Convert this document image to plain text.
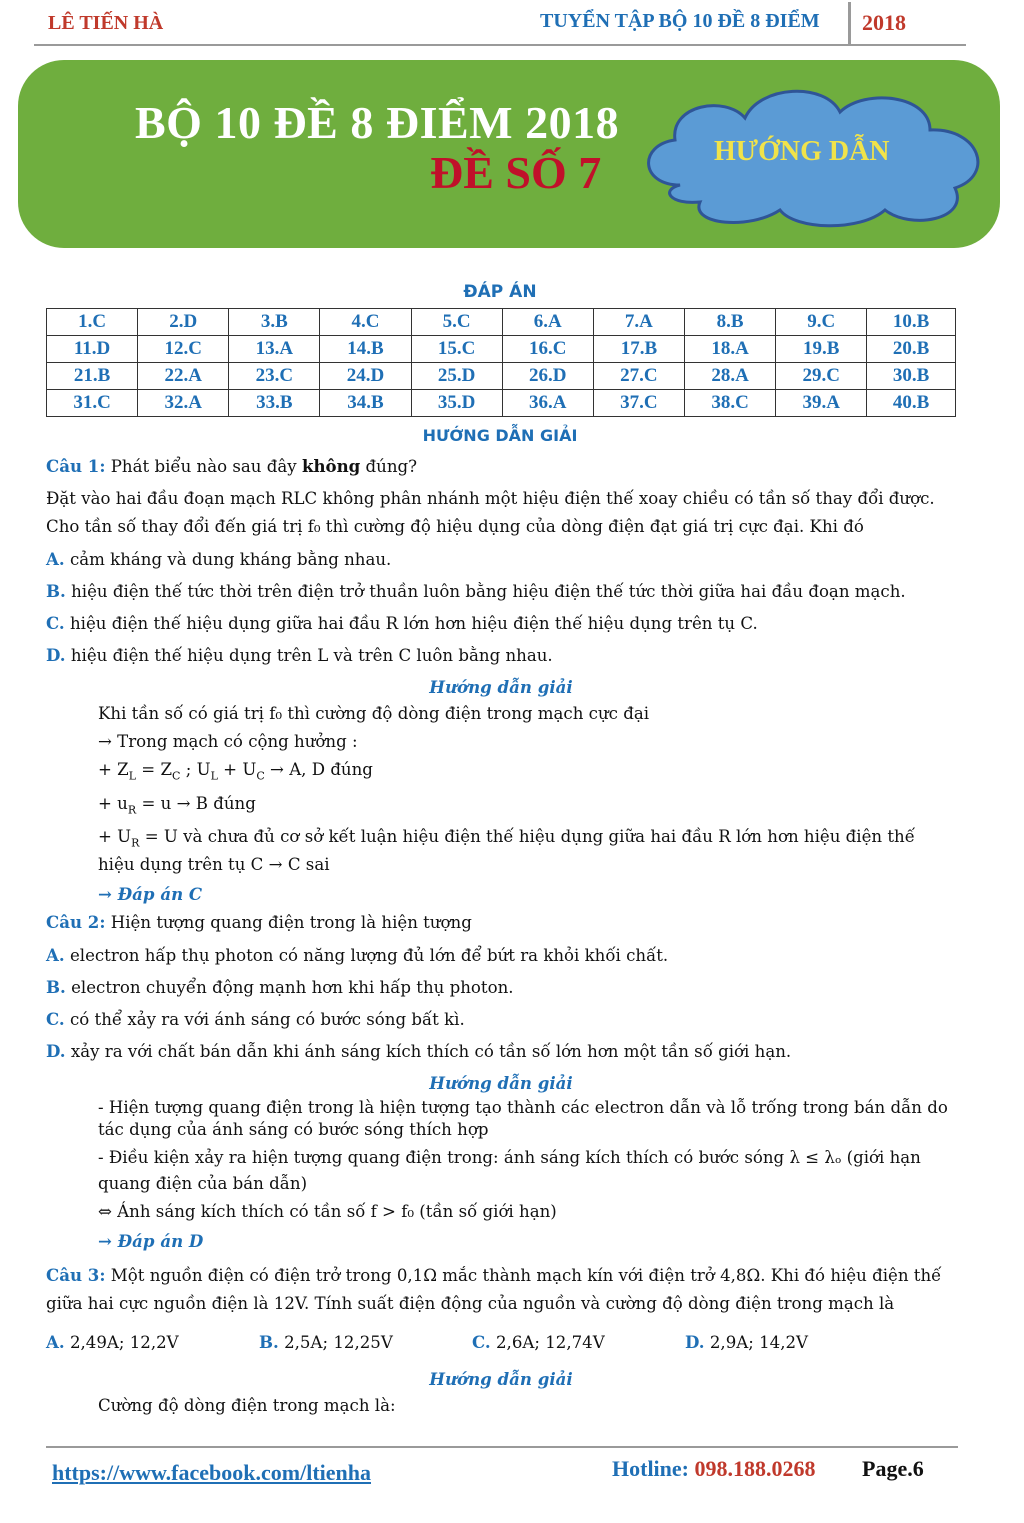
LÊ TIẾN HÀ	TUYỂN TẬP BỘ 10 ĐỀ 8 ĐIỂM 2018
BỘ 10 ĐỀ 8 ĐIỂM 2018
ĐỀ SỐ 7	HƯỚNG DẪN
ĐÁP ÁN
1.C	2.D	3.B	4.C	5.C	6.A	7.A	8.B	9.C	10.B
11.D	12.C	13.A	14.B	15.C	16.C	17.B	18.A	19.B	20.B
21.B	22.A	23.C	24.D	25.D	26.D	27.C	28.A	29.C	30.B
31.C	32.A	33.B	34.B	35.D	36.A	37.C	38.C	39.A	40.B
HƯỚNG DẪN GIẢI

Câu 1: Phát biểu nào sau đây không đúng?

Đặt vào hai đầu đoạn mạch RLC không phân nhánh một hiệu điện thế xoay chiều có tần số thay đổi được. Cho tần số thay đổi đến giá trị f₀ thì cường độ hiệu dụng của dòng điện đạt giá trị cực đại. Khi đó

A. cảm kháng và dung kháng bằng nhau.

B. hiệu điện thế tức thời trên điện trở thuần luôn bằng hiệu điện thế tức thời giữa hai đầu đoạn mạch.

C. hiệu điện thế hiệu dụng giữa hai đầu R lớn hơn hiệu điện thế hiệu dụng trên tụ C.

D. hiệu điện thế hiệu dụng trên L và trên C luôn bằng nhau.

Hướng dẫn giải

Khi tần số có giá trị f₀ thì cường độ dòng điện trong mạch cực đại

→ Trong mạch có cộng hưởng :

+ $Z_L = Z_C$ ; $U_L + U_C \to A$, D đúng

+ $u_R = u \to B$ đúng

+ $U_R = U$ và chưa đủ cơ sở kết luận hiệu điện thế hiệu dụng giữa hai đầu R lớn hơn hiệu điện thế hiệu dụng trên tụ C → C sai

→ Đáp án C

Câu 2: Hiện tượng quang điện trong là hiện tượng

A. electron hấp thụ photon có năng lượng đủ lớn để bứt ra khỏi khối chất.

B. electron chuyển động mạnh hơn khi hấp thụ photon.

C. có thể xảy ra với ánh sáng có bước sóng bất kì.

D. xảy ra với chất bán dẫn khi ánh sáng kích thích có tần số lớn hơn một tần số giới hạn.

Hướng dẫn giải

- Hiện tượng quang điện trong là hiện tượng tạo thành các electron dẫn và lỗ trống trong bán dẫn do tác dụng của ánh sáng có bước sóng thích hợp

- Điều kiện xảy ra hiện tượng quang điện trong: ánh sáng kích thích có bước sóng λ ≤ λₒ (giới hạn quang điện của bán dẫn)

⇔ Ánh sáng kích thích có tần số f > f₀ (tần số giới hạn)

→ Đáp án D

Câu 3: Một nguồn điện có điện trở trong 0,1Ω mắc thành mạch kín với điện trở 4,8Ω. Khi đó hiệu điện thế giữa hai cực nguồn điện là 12V. Tính suất điện động của nguồn và cường độ dòng điện trong mạch là

A. 2,49A; 12,2V	B. 2,5A; 12,25V	C. 2,6A; 12,74V	D. 2,9A; 14,2V

Hướng dẫn giải

Cường độ dòng điện trong mạch là:

https://www.facebook.com/ltienha	Hotline: 098.188.0268 Page.6
